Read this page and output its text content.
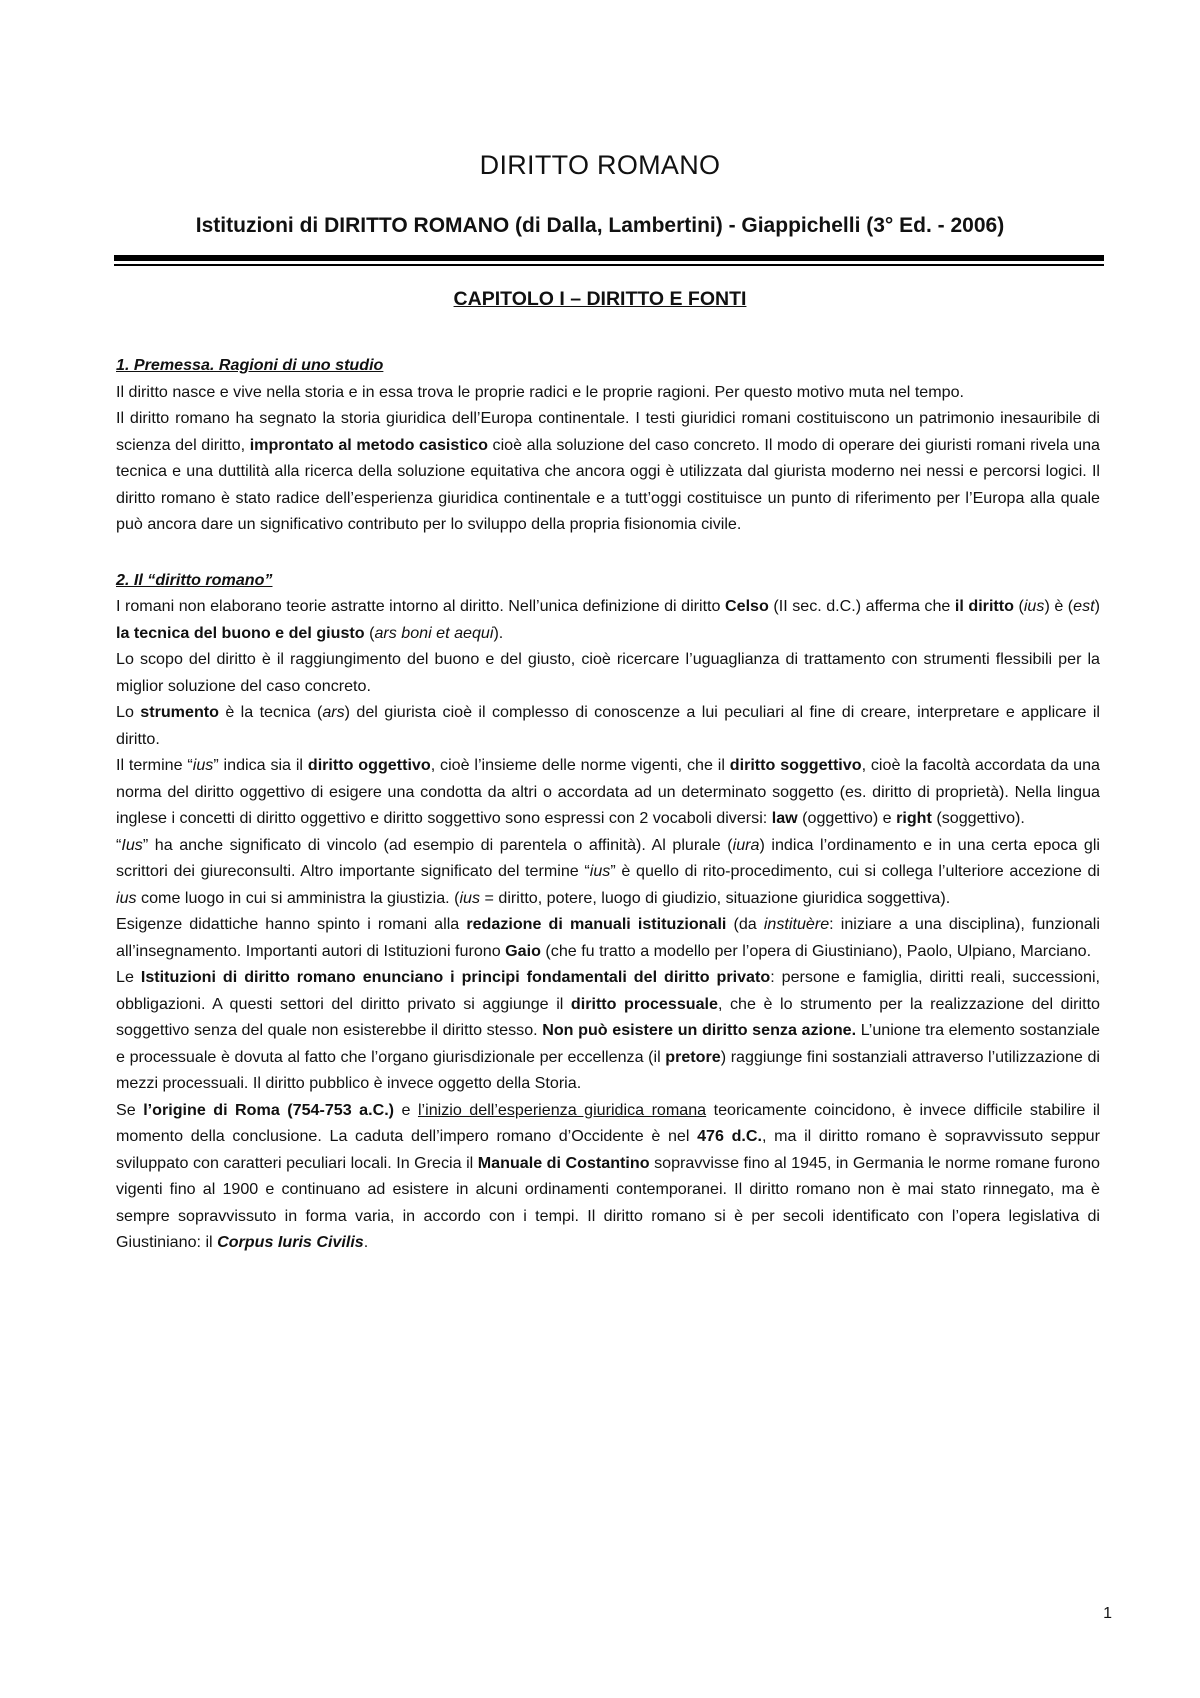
DIRITTO ROMANO
Istituzioni di DIRITTO ROMANO (di Dalla, Lambertini) - Giappichelli (3° Ed. - 2006)
CAPITOLO I – DIRITTO E FONTI

1. Premessa. Ragioni di uno studio

Il diritto nasce e vive nella storia e in essa trova le proprie radici e le proprie ragioni. Per questo motivo muta nel tempo.

Il diritto romano ha segnato la storia giuridica dell’Europa continentale. I testi giuridici romani costituiscono un patrimonio inesauribile di scienza del diritto, improntato al metodo casistico cioè alla soluzione del caso concreto. Il modo di operare dei giuristi romani rivela una tecnica e una duttilità alla ricerca della soluzione equitativa che ancora oggi è utilizzata dal giurista moderno nei nessi e percorsi logici. Il diritto romano è stato radice dell’esperienza giuridica continentale e a tutt’oggi costituisce un punto di riferimento per l’Europa alla quale può ancora dare un significativo contributo per lo sviluppo della propria fisionomia civile.

2. Il “diritto romano”

I romani non elaborano teorie astratte intorno al diritto. Nell’unica definizione di diritto Celso (II sec. d.C.) afferma che il diritto (ius) è (est) la tecnica del buono e del giusto (ars boni et aequi).

Lo scopo del diritto è il raggiungimento del buono e del giusto, cioè ricercare l’uguaglianza di trattamento con strumenti flessibili per la miglior soluzione del caso concreto.

Lo strumento è la tecnica (ars) del giurista cioè il complesso di conoscenze a lui peculiari al fine di creare, interpretare e applicare il diritto.

Il termine “ius” indica sia il diritto oggettivo, cioè l’insieme delle norme vigenti, che il diritto soggettivo, cioè la facoltà accordata da una norma del diritto oggettivo di esigere una condotta da altri o accordata ad un determinato soggetto (es. diritto di proprietà). Nella lingua inglese i concetti di diritto oggettivo e diritto soggettivo sono espressi con 2 vocaboli diversi: law (oggettivo) e right (soggettivo).

“Ius” ha anche significato di vincolo (ad esempio di parentela o affinità). Al plurale (iura) indica l’ordinamento e in una certa epoca gli scrittori dei giureconsulti. Altro importante significato del termine “ius” è quello di rito-procedimento, cui si collega l’ulteriore accezione di ius come luogo in cui si amministra la giustizia. (ius = diritto, potere, luogo di giudizio, situazione giuridica soggettiva).

Esigenze didattiche hanno spinto i romani alla redazione di manuali istituzionali (da instituère: iniziare a una disciplina), funzionali all’insegnamento. Importanti autori di Istituzioni furono Gaio (che fu tratto a modello per l’opera di Giustiniano), Paolo, Ulpiano, Marciano.

Le Istituzioni di diritto romano enunciano i principi fondamentali del diritto privato: persone e famiglia, diritti reali, successioni, obbligazioni. A questi settori del diritto privato si aggiunge il diritto processuale, che è lo strumento per la realizzazione del diritto soggettivo senza del quale non esisterebbe il diritto stesso. Non può esistere un diritto senza azione. L’unione tra elemento sostanziale e processuale è dovuta al fatto che l’organo giurisdizionale per eccellenza (il pretore) raggiunge fini sostanziali attraverso l’utilizzazione di mezzi processuali. Il diritto pubblico è invece oggetto della Storia.

Se l’origine di Roma (754-753 a.C.) e l’inizio dell’esperienza giuridica romana teoricamente coincidono, è invece difficile stabilire il momento della conclusione. La caduta dell’impero romano d’Occidente è nel 476 d.C., ma il diritto romano è sopravvissuto seppur sviluppato con caratteri peculiari locali. In Grecia il Manuale di Costantino sopravvisse fino al 1945, in Germania le norme romane furono vigenti fino al 1900 e continuano ad esistere in alcuni ordinamenti contemporanei. Il diritto romano non è mai stato rinnegato, ma è sempre sopravvissuto in forma varia, in accordo con i tempi. Il diritto romano si è per secoli identificato con l’opera legislativa di Giustiniano: il Corpus Iuris Civilis.

1
